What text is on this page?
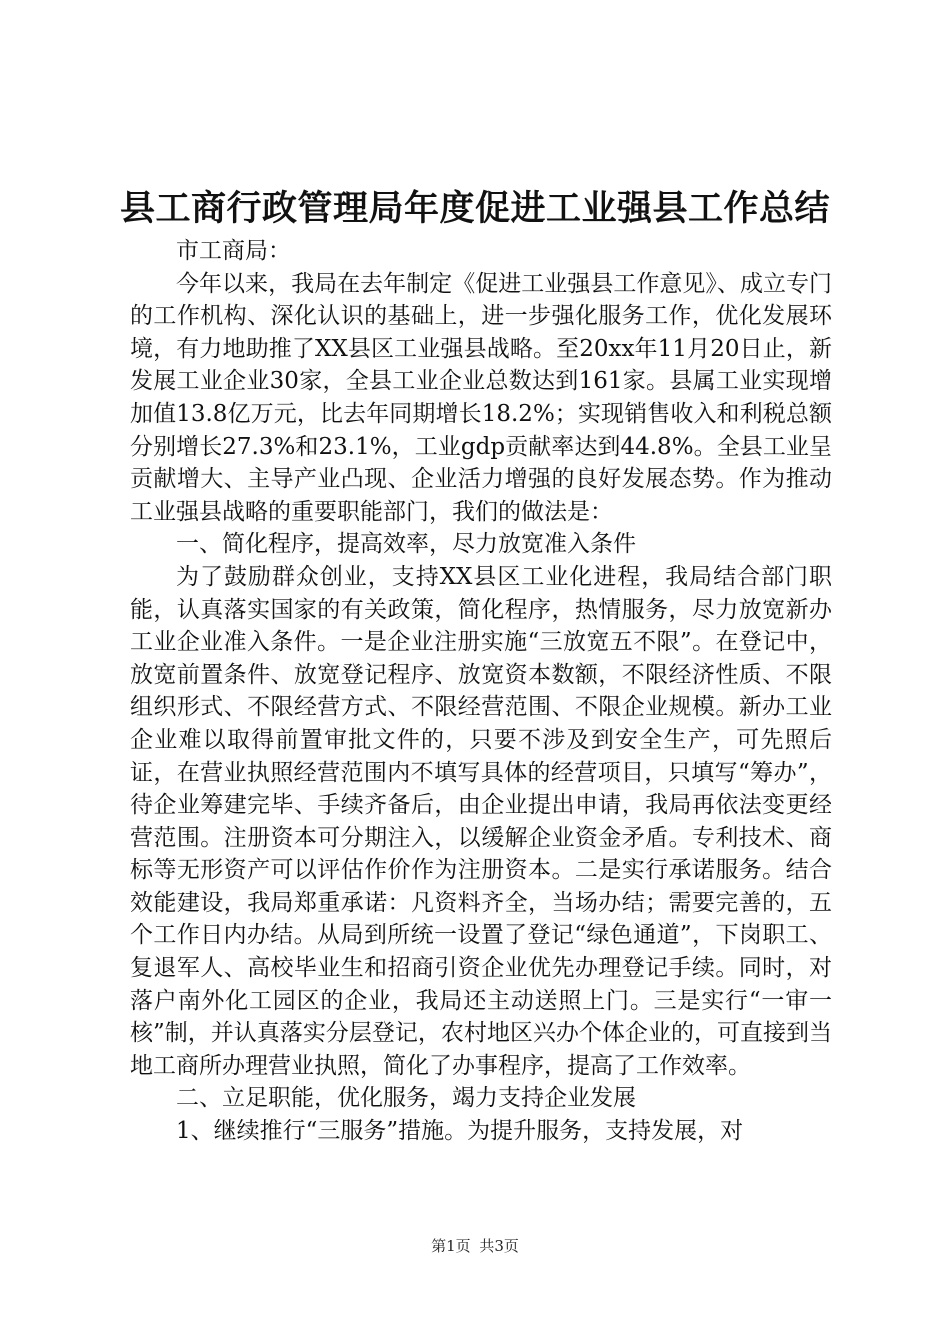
县工商行政管理局年度促进工业强县工作总结

市工商局：

今年以来，我局在去年制定《促进工业强县工作意见》、成立专门的工作机构、深化认识的基础上，进一步强化服务工作，优化发展环境，有力地助推了XX县区工业强县战略。至20xx年11月20日止，新发展工业企业30家，全县工业企业总数达到161家。县属工业实现增加值13.8亿万元，比去年同期增长18.2%；实现销售收入和利税总额分别增长27.3%和23.1%，工业gdp贡献率达到44.8%。全县工业呈贡献增大、主导产业凸现、企业活力增强的良好发展态势。作为推动工业强县战略的重要职能部门，我们的做法是：

一、简化程序，提高效率，尽力放宽准入条件

为了鼓励群众创业，支持XX县区工业化进程，我局结合部门职能，认真落实国家的有关政策，简化程序，热情服务，尽力放宽新办工业企业准入条件。一是企业注册实施“三放宽五不限”。在登记中，放宽前置条件、放宽登记程序、放宽资本数额，不限经济性质、不限组织形式、不限经营方式、不限经营范围、不限企业规模。新办工业企业难以取得前置审批文件的，只要不涉及到安全生产，可先照后证，在营业执照经营范围内不填写具体的经营项目，只填写“筹办”，待企业筹建完毕、手续齐备后，由企业提出申请，我局再依法变更经营范围。注册资本可分期注入，以缓解企业资金矛盾。专利技术、商标等无形资产可以评估作价作为注册资本。二是实行承诺服务。结合效能建设，我局郑重承诺：凡资料齐全，当场办结；需要完善的，五个工作日内办结。从局到所统一设置了登记“绿色通道”，下岗职工、复退军人、高校毕业生和招商引资企业优先办理登记手续。同时，对落户南外化工园区的企业，我局还主动送照上门。三是实行“一审一核”制，并认真落实分层登记，农村地区兴办个体企业的，可直接到当地工商所办理营业执照，简化了办事程序，提高了工作效率。

二、立足职能，优化服务，竭力支持企业发展

1、继续推行“三服务”措施。为提升服务，支持发展，对

第1页 共3页
